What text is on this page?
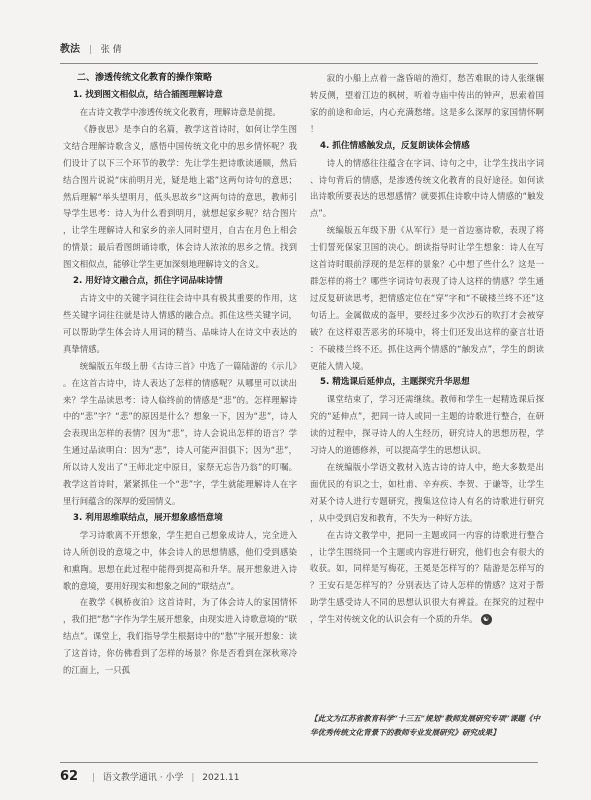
教法 | 张 倩
二、渗透传统文化教育的操作策略
1. 找到图文相似点，结合插图理解诗意

在古诗文教学中渗透传统文化教育，理解诗意是前提。

《静夜思》是李白的名篇，教学这首诗时，如何让学生图文结合理解诗歌含义，感悟中国传统文化中的思乡情怀呢？我们设计了以下三个环节的教学：先让学生把诗歌读通顺，然后结合图片说说“床前明月光，疑是地上霜”这两句诗句的意思；然后理解“举头望明月，低头思故乡”这两句诗的意思，教师引导学生思考：诗人为什么看到明月，就想起家乡呢？结合图片，让学生理解诗人和家乡的亲人同时望月，自古在月色上相会的情景；最后看图朗诵诗歌，体会诗人浓浓的思乡之情。找到图文相似点，能够让学生更加深刻地理解诗文的含义。

2. 用好诗文融合点，抓住字词品味诗情

古诗文中的关键字词往往会诗中具有极其重要的作用，这些关键字词往往就是诗人情感的融合点。抓住这些关键字词，可以帮助学生体会诗人用词的精当、品味诗人在诗文中表达的真挚情感。

统编版五年级上册《古诗三首》中选了一篇陆游的《示儿》。在这首古诗中，诗人表达了怎样的情感呢？从哪里可以读出来？学生品读思考：诗人临终前的情感是“悲”的。怎样理解诗中的“悲”字？“悲”的原因是什么？想象一下，因为“悲”，诗人会表现出怎样的表情？因为“悲”，诗人会说出怎样的语言？学生通过品读明白：因为“悲”，诗人可能声泪俱下；因为“悲”，所以诗人发出了“王师北定中原日，家祭无忘告乃翁”的叮嘱。教学这首诗时，紧紧抓住一个“悲”字，学生就能理解诗人在字里行间蕴含的深厚的爱国情义。

3. 利用思维联结点，展开想象感悟意境

学习诗歌离不开想象，学生把自己想象成诗人，完全进入诗人所创设的意境之中，体会诗人的思想情感，他们受到感染和熏陶。思想在此过程中能得到提高和升华。展开想象进入诗歌的意境，要用好现实和想象之间的“联结点”。

在教学《枫桥夜泊》这首诗时，为了体会诗人的家国情怀，我们把“愁”字作为学生展开想象，由现实进入诗歌意境的“联结点”。课堂上，我们指导学生根据诗中的“愁”字展开想象：读了这首诗，你仿佛看到了怎样的场景？你是否看到在深秋寒冷的江面上，一只孤

寂的小船上点着一盏昏暗的渔灯，愁苦难眠的诗人张继辗转反侧，望着江边的枫树，听着寺庙中传出的钟声，思索着国家的前途和命运，内心充满愁绪。这是多么深厚的家国情怀啊！

4. 抓住情感触发点，反复朗读体会情感

诗人的情感往往蕴含在字词、诗句之中，让学生找出字词、诗句背后的情感，是渗透传统文化教育的良好途径。如何读出诗歌所要表达的思想感情？就要抓住诗歌中诗人情感的“触发点”。

统编版五年级下册《从军行》是一首边塞诗歌，表现了将士们誓死保家卫国的决心。朗读指导时让学生想象：诗人在写这首诗时眼前浮现的是怎样的景象？心中想了些什么？这是一群怎样的将士？哪些字词诗句表现了诗人这样的情感？学生通过反复研读思考，把情感定位在“穿”字和“不破楼兰终不还”这句话上。金属做成的盔甲，要经过多少次沙石的吹打才会被穿破？在这样艰苦恶劣的环境中，将士们还发出这样的豪言壮语：不破楼兰终不还。抓住这两个情感的“触发点”，学生的朗读更能入情入境。

5. 精选课后延伸点，主题探究升华思想

课堂结束了，学习还需继续。教师和学生一起精选课后探究的“延伸点”，把同一诗人或同一主题的诗歌进行整合，在研读的过程中，探寻诗人的人生经历，研究诗人的思想历程，学习诗人的道德修养，可以提高学生的思想认识。

在统编版小学语文教材入选古诗的诗人中，绝大多数是出面优民的有识之士，如杜甫、辛弃疾、李贺、于谦等，让学生对某个诗人进行专题研究，搜集这位诗人有名的诗歌进行研究，从中受到启发和教育，不失为一种好方法。

在古诗文教学中，把同一主题或同一内容的诗歌进行整合，让学生围绕同一个主题或内容进行研究，他们也会有很大的收获。如，同样是写梅花，王冕是怎样写的？陆游是怎样写的？王安石是怎样写的？分别表达了诗人怎样的情感？这对于帮助学生感受诗人不同的思想认识很大有裨益。在探究的过程中，学生对传统文化的认识会有一个质的升华。 ☯

【此文为江苏省教育科学“十三五”规划“教师发展研究专项”课题《中华优秀传统文化背景下的教师专业发展研究》研究成果】
62 | 语文教学通讯 · 小学 | 2021.11
